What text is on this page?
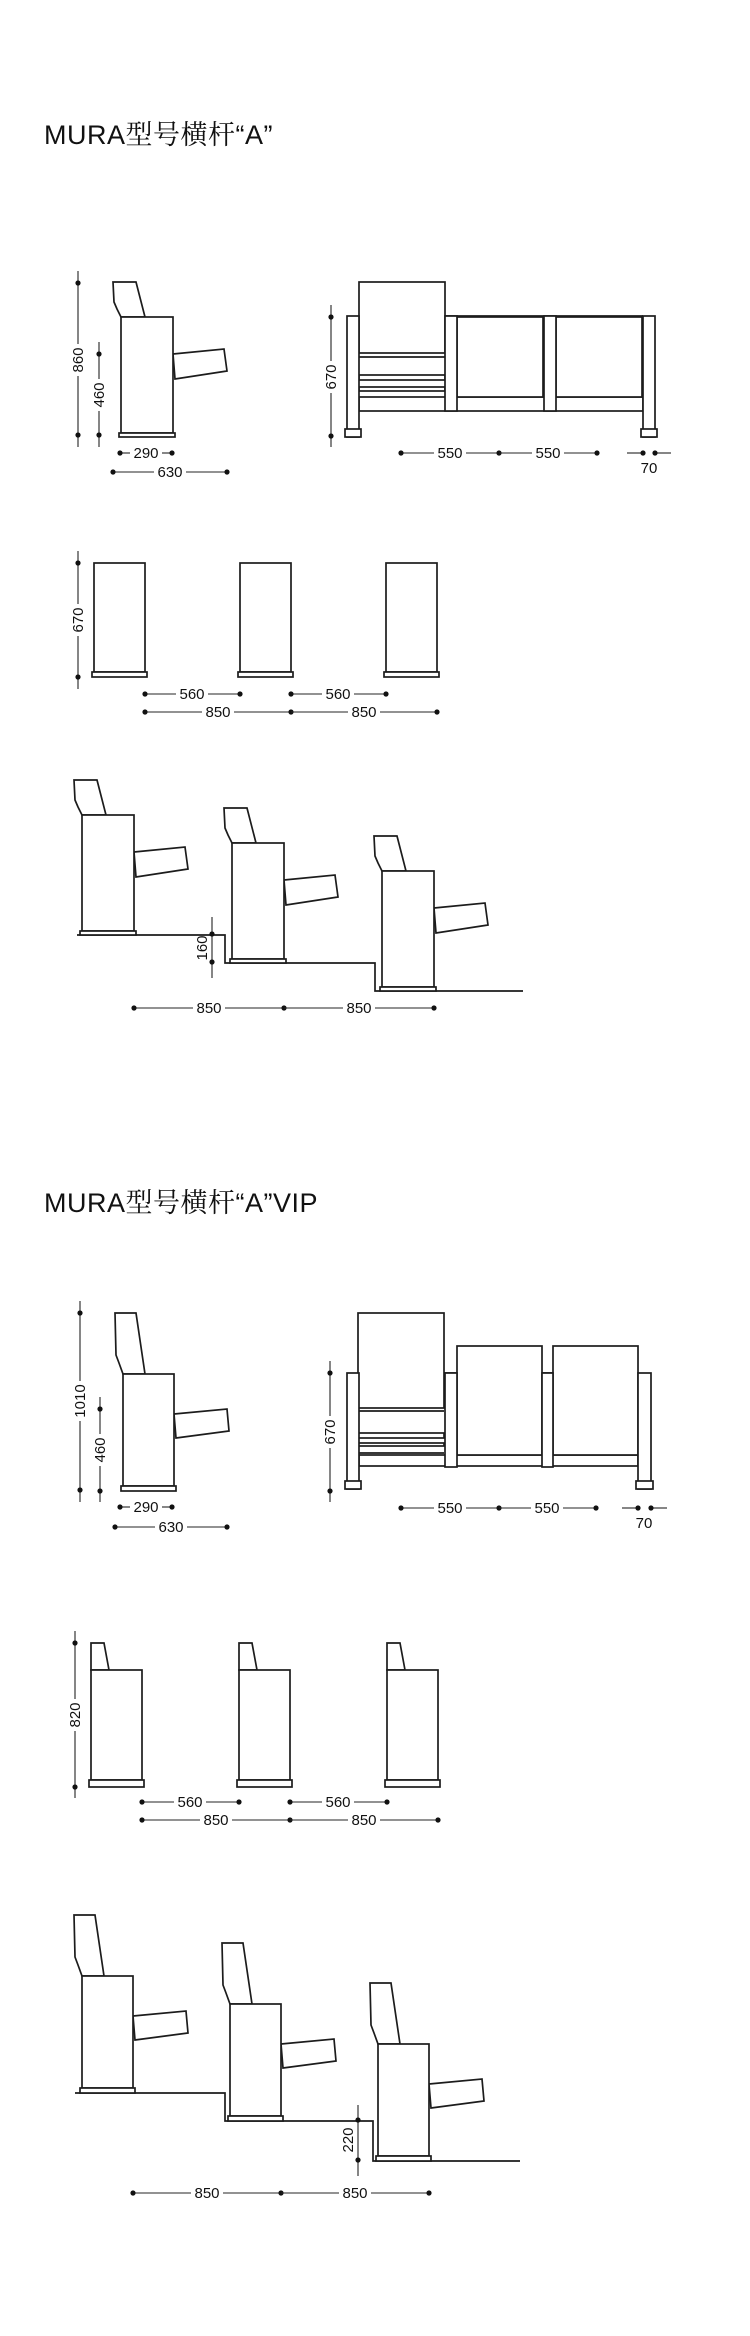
MURA型号横杆“A”
860
460
290
630
670
550	550
70
670
560	560
850	850
160
850	850
MURA型号横杆“A”VIP
1010
460
290
630
670
550	550
70
820
560	560
850	850
220
850	850
